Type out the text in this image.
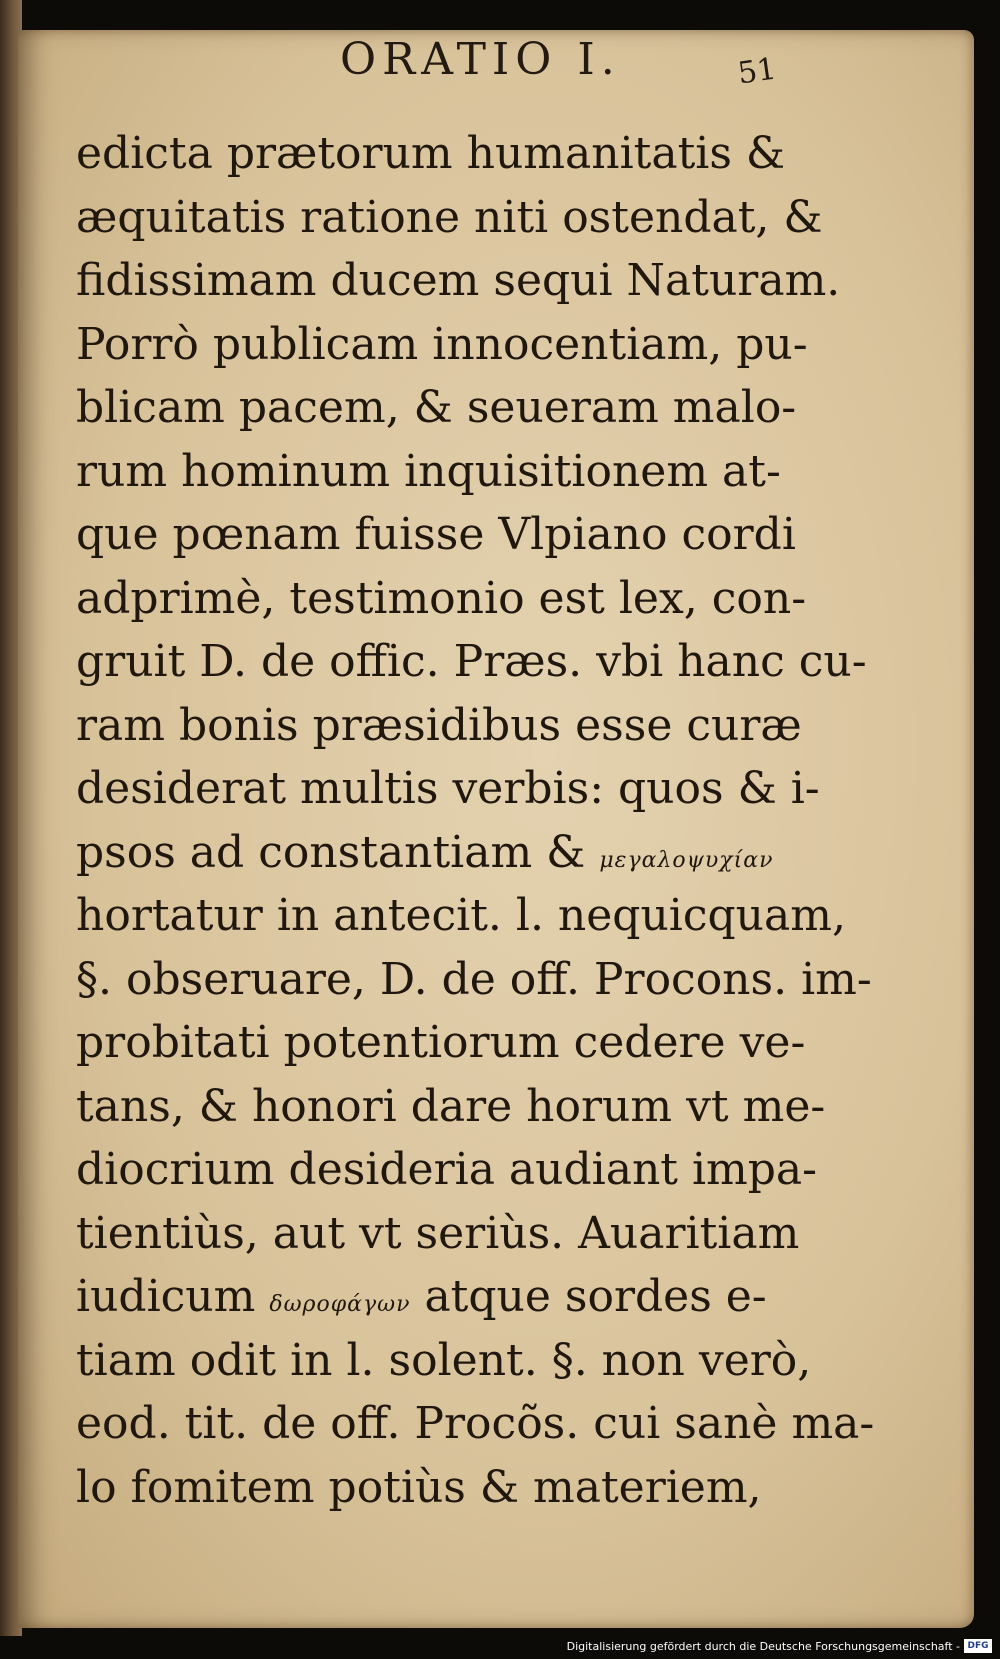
ORATIO I.	51
edicta prætorum humanitatis &
æquitatis ratione niti ostendat, &
fidissimam ducem sequi Naturam.
Porrò publicam innocentiam, pu-
blicam pacem, & seueram malo-
rum hominum inquisitionem at-
que pœnam fuisse Vlpiano cordi
adprimè, testimonio est lex, con-
gruit D. de offic. Præs. vbi hanc cu-
ram bonis præsidibus esse curæ
desiderat multis verbis: quos & i-
psos ad constantiam & μεγαλοψυχίαν
hortatur in antecit. l. nequicquam,
§. obseruare, D. de off. Procons. im-
probitati potentiorum cedere ve-
tans, & honori dare horum vt me-
diocrium desideria audiant impa-
tientiùs, aut vt seriùs. Auaritiam
iudicum δωροφάγων atque sordes e-
tiam odit in l. solent. §. non verò,
eod. tit. de off. Procõs. cui sanè ma-
lo fomitem potiùs & materiem,
Digitalisierung gefördert durch die Deutsche Forschungsgemeinschaft - DFG
